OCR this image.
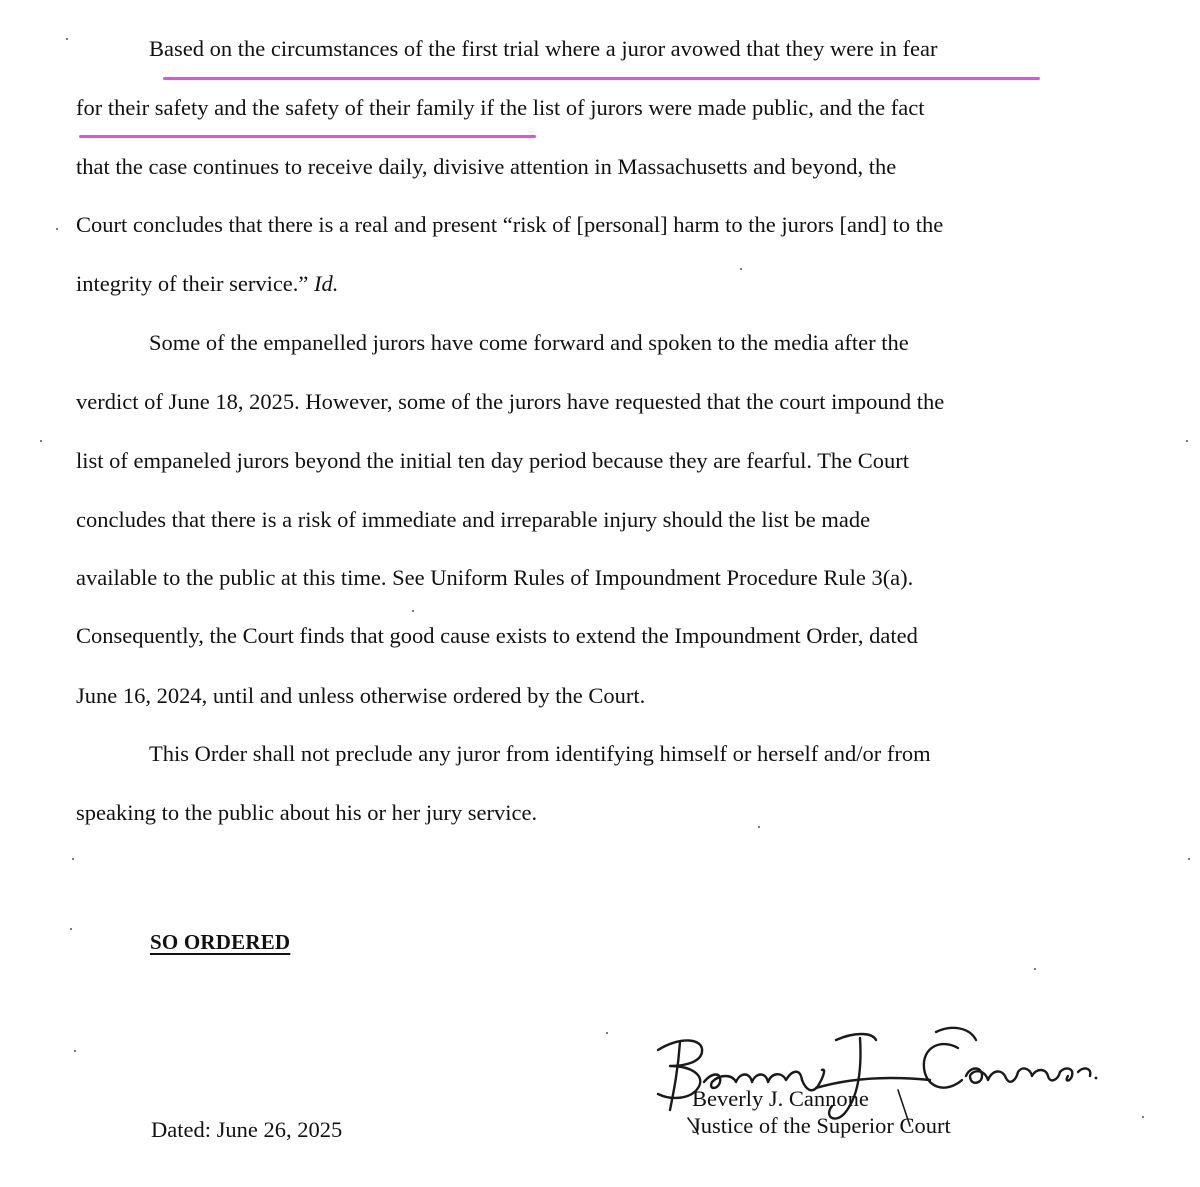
Based on the circumstances of the first trial where a juror avowed that they were in fear

for their safety and the safety of their family if the list of jurors were made public, and the fact

that the case continues to receive daily, divisive attention in Massachusetts and beyond, the

Court concludes that there is a real and present “risk of [personal] harm to the jurors [and] to the

integrity of their service.” Id.

Some of the empanelled jurors have come forward and spoken to the media after the

verdict of June 18, 2025. However, some of the jurors have requested that the court impound the

list of empaneled jurors beyond the initial ten day period because they are fearful. The Court

concludes that there is a risk of immediate and irreparable injury should the list be made

available to the public at this time. See Uniform Rules of Impoundment Procedure Rule 3(a).

Consequently, the Court finds that good cause exists to extend the Impoundment Order, dated

June 16, 2024, until and unless otherwise ordered by the Court.

This Order shall not preclude any juror from identifying himself or herself and/or from

speaking to the public about his or her jury service.

SO ORDERED

Dated: June 26, 2025

Beverly J. Cannone

Justice of the Superior Court
